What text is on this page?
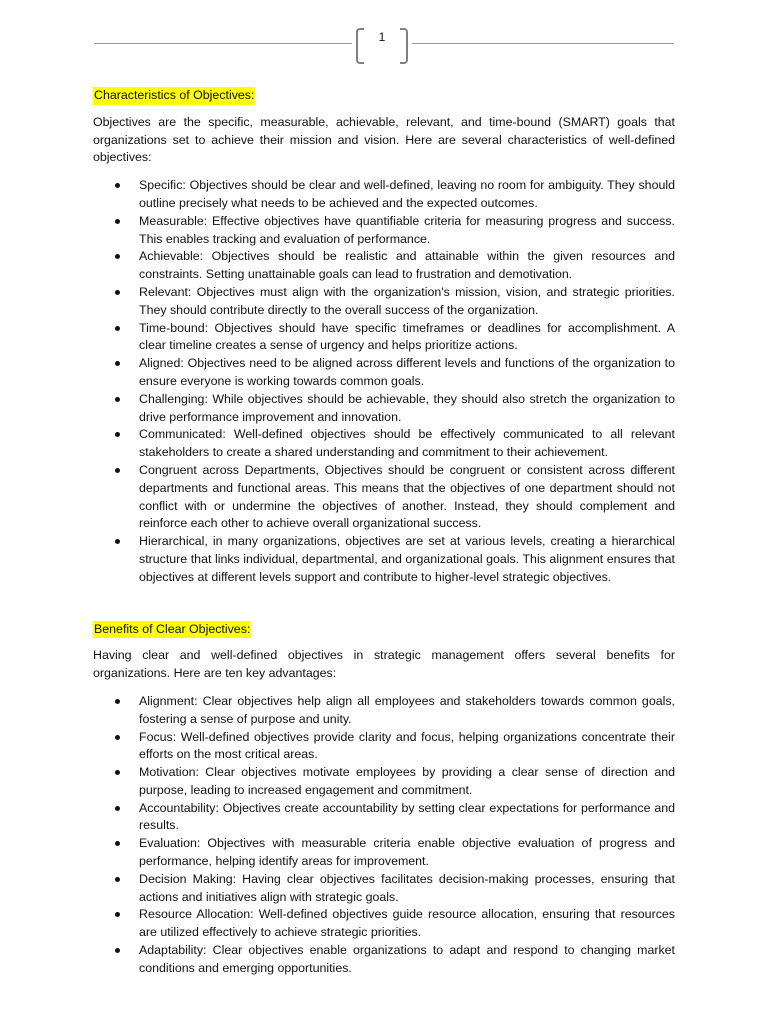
1
Characteristics of Objectives:

Objectives are the specific, measurable, achievable, relevant, and time-bound (SMART) goals that organizations set to achieve their mission and vision. Here are several characteristics of well-defined objectives:

Specific: Objectives should be clear and well-defined, leaving no room for ambiguity. They should outline precisely what needs to be achieved and the expected outcomes.
Measurable: Effective objectives have quantifiable criteria for measuring progress and success. This enables tracking and evaluation of performance.
Achievable: Objectives should be realistic and attainable within the given resources and constraints. Setting unattainable goals can lead to frustration and demotivation.
Relevant: Objectives must align with the organization's mission, vision, and strategic priorities. They should contribute directly to the overall success of the organization.
Time-bound: Objectives should have specific timeframes or deadlines for accomplishment. A clear timeline creates a sense of urgency and helps prioritize actions.
Aligned: Objectives need to be aligned across different levels and functions of the organization to ensure everyone is working towards common goals.
Challenging: While objectives should be achievable, they should also stretch the organization to drive performance improvement and innovation.
Communicated: Well-defined objectives should be effectively communicated to all relevant stakeholders to create a shared understanding and commitment to their achievement.
Congruent across Departments, Objectives should be congruent or consistent across different departments and functional areas. This means that the objectives of one department should not conflict with or undermine the objectives of another. Instead, they should complement and reinforce each other to achieve overall organizational success.
Hierarchical, in many organizations, objectives are set at various levels, creating a hierarchical structure that links individual, departmental, and organizational goals. This alignment ensures that objectives at different levels support and contribute to higher-level strategic objectives.
Benefits of Clear Objectives:

Having clear and well-defined objectives in strategic management offers several benefits for organizations. Here are ten key advantages:

Alignment: Clear objectives help align all employees and stakeholders towards common goals, fostering a sense of purpose and unity.
Focus: Well-defined objectives provide clarity and focus, helping organizations concentrate their efforts on the most critical areas.
Motivation: Clear objectives motivate employees by providing a clear sense of direction and purpose, leading to increased engagement and commitment.
Accountability: Objectives create accountability by setting clear expectations for performance and results.
Evaluation: Objectives with measurable criteria enable objective evaluation of progress and performance, helping identify areas for improvement.
Decision Making: Having clear objectives facilitates decision-making processes, ensuring that actions and initiatives align with strategic goals.
Resource Allocation: Well-defined objectives guide resource allocation, ensuring that resources are utilized effectively to achieve strategic priorities.
Adaptability: Clear objectives enable organizations to adapt and respond to changing market conditions and emerging opportunities.
